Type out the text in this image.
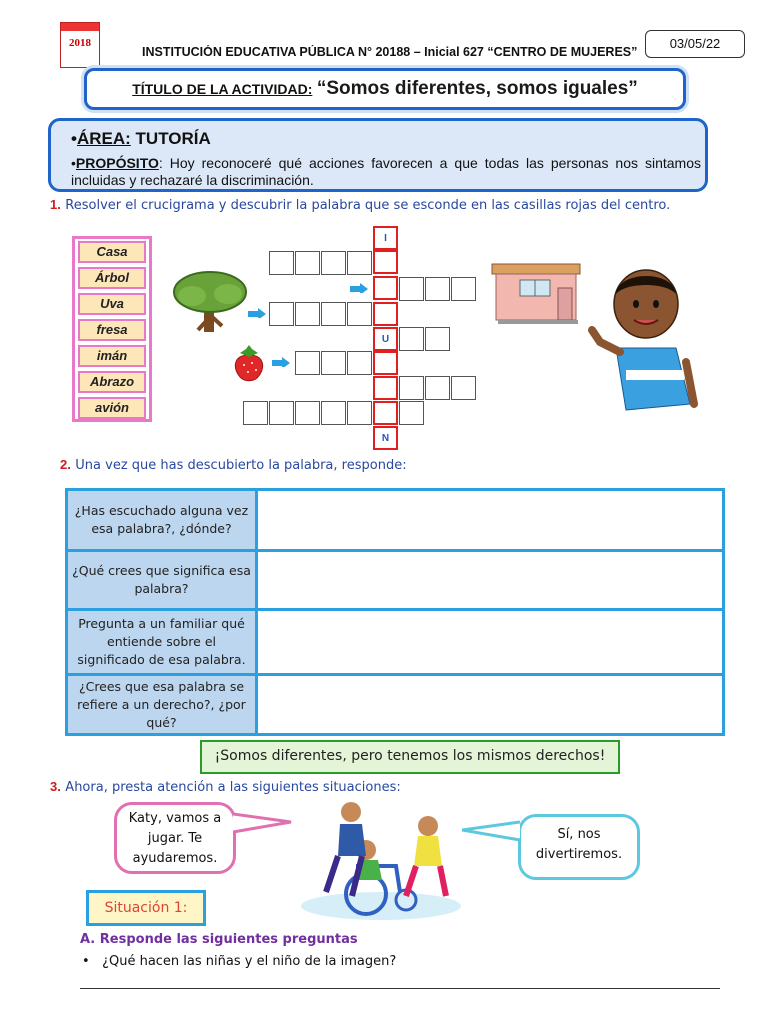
2018
INSTITUCIÓN EDUCATIVA PÚBLICA N° 20188 – Inicial 627 “CENTRO DE MUJERES”
03/05/22
TÍTULO DE LA ACTIVIDAD: “Somos diferentes, somos iguales”
•ÁREA: TUTORÍA
•PROPÓSITO: Hoy reconoceré qué acciones favorecen a que todas las personas nos sintamos incluidas y rechazaré la discriminación.
1. Resolver el crucigrama y descubrir la palabra que se esconde en las casillas rojas del centro.
Casa
Árbol
Uva
fresa
imán
Abrazo
avión
I
U
N
2. Una vez que has descubierto la palabra, responde:
¿Has escuchado alguna vez esa palabra?, ¿dónde?
¿Qué crees que significa esa palabra?
Pregunta a un familiar qué entiende sobre el significado de esa palabra.
¿Crees que esa palabra se refiere a un derecho?, ¿por qué?
¡Somos diferentes, pero tenemos los mismos derechos!
3. Ahora, presta atención a las siguientes situaciones:
Katy, vamos a jugar. Te ayudaremos.
Sí, nos divertiremos.
Situación 1:
A. Responde las siguientes preguntas
•   ¿Qué hacen las niñas y el niño de la imagen?
